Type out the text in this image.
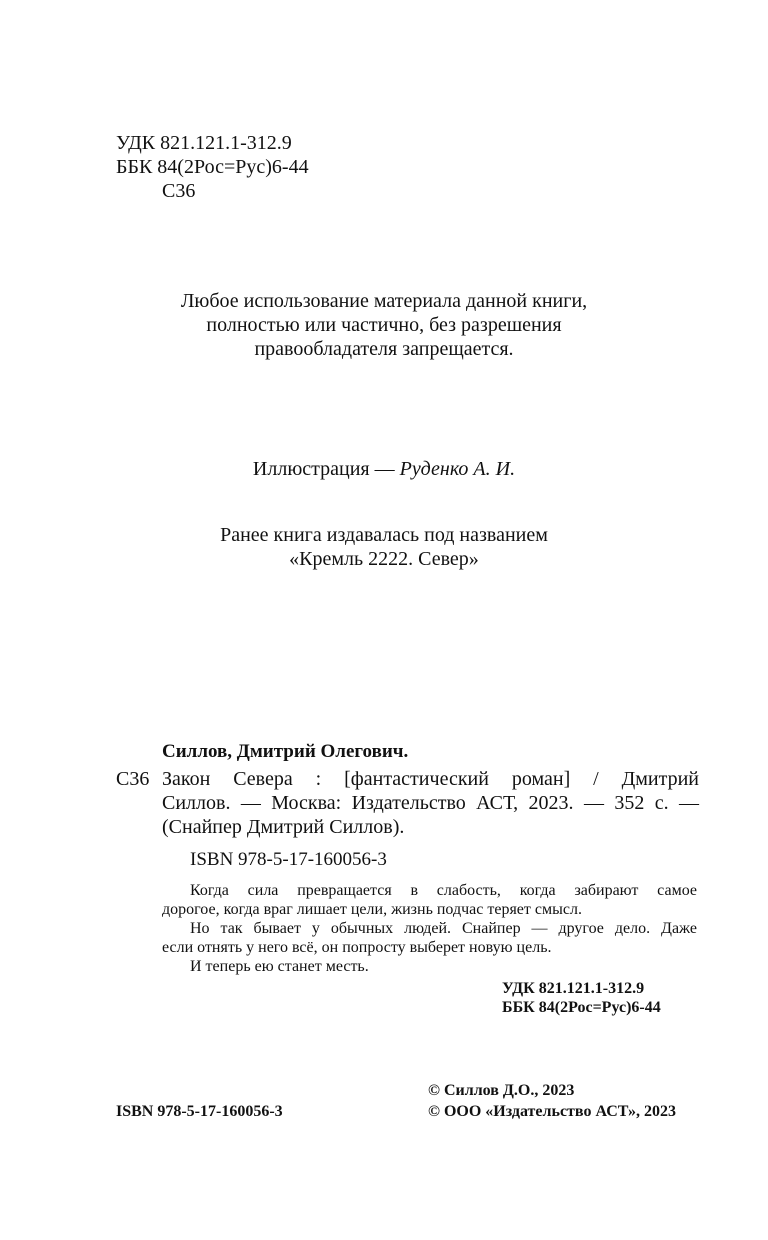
УДК 821.121.1-312.9
ББК 84(2Рос=Рус)6-44
С36
Любое использование материала данной книги,
полностью или частично, без разрешения
правообладателя запрещается.
Иллюстрация — Руденко А. И.
Ранее книга издавалась под названием
«Кремль 2222. Север»
Силлов, Дмитрий Олегович.
С36 Закон Севера : [фантастический роман] / Дмитрий
Силлов. — Москва: Издательство АСТ, 2023. — 352 с. —
(Снайпер Дмитрий Силлов).
ISBN 978-5-17-160056-3
Когда сила превращается в слабость, когда забирают самое
дорогое, когда враг лишает цели, жизнь подчас теряет смысл.
Но так бывает у обычных людей. Снайпер — другое дело. Даже
если отнять у него всё, он попросту выберет новую цель.
И теперь ею станет месть.
УДК 821.121.1-312.9
ББК 84(2Рос=Рус)6-44
© Силлов Д.О., 2023
ISBN 978-5-17-160056-3	© ООО «Издательство АСТ», 2023
